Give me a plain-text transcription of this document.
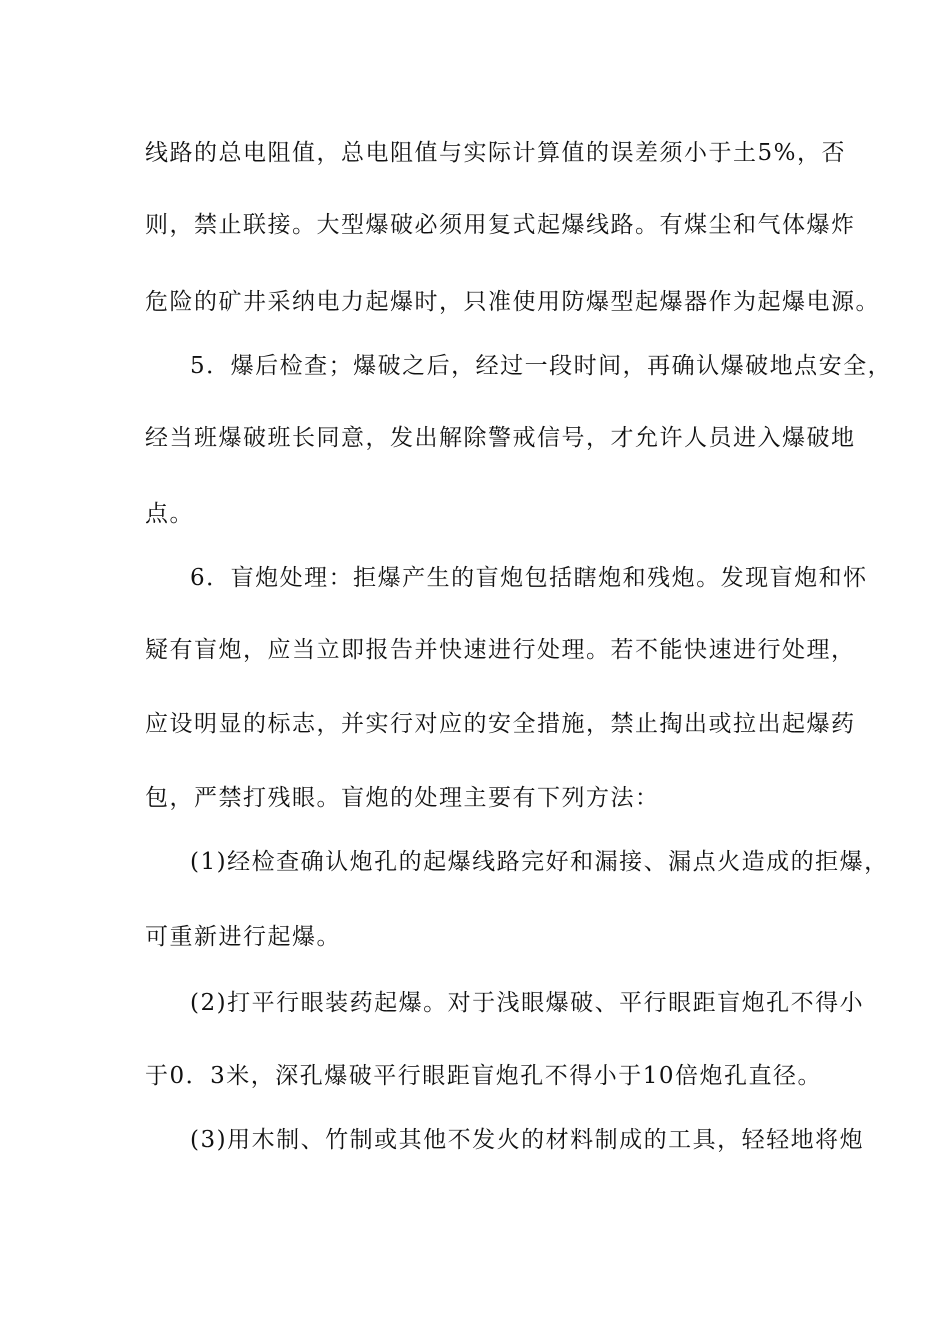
线路的总电阻值，总电阻值与实际计算值的误差须小于土5%，否
则，禁止联接。大型爆破必须用复式起爆线路。有煤尘和气体爆炸
危险的矿井采纳电力起爆时，只准使用防爆型起爆器作为起爆电源。
5．爆后检查；爆破之后，经过一段时间，再确认爆破地点安全，
经当班爆破班长同意，发出解除警戒信号，才允许人员进入爆破地
点。
6．盲炮处理：拒爆产生的盲炮包括瞎炮和残炮。发现盲炮和怀
疑有盲炮，应当立即报告并快速进行处理。若不能快速进行处理，
应设明显的标志，并实行对应的安全措施，禁止掏出或拉出起爆药
包，严禁打残眼。盲炮的处理主要有下列方法：
(1)经检查确认炮孔的起爆线路完好和漏接、漏点火造成的拒爆，
可重新进行起爆。
(2)打平行眼装药起爆。对于浅眼爆破、平行眼距盲炮孔不得小
于0．3米，深孔爆破平行眼距盲炮孔不得小于10倍炮孔直径。
(3)用木制、竹制或其他不发火的材料制成的工具，轻轻地将炮
